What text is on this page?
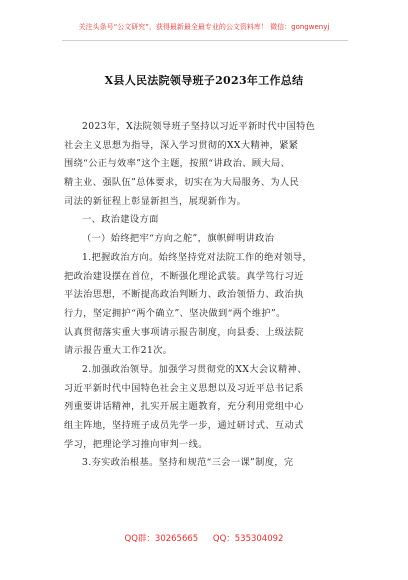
关注头条号“公文研究”，获得最新最全最专业的公文资料库！ 微信：gongwenyj
X县人民法院领导班子2023年工作总结
2023年，X法院领导班子坚持以习近平新时代中国特色
社会主义思想为指导，深入学习贯彻的XX大精神，紧紧
围绕“公正与效率”这个主题，按照“讲政治、顾大局、
精主业、强队伍”总体要求，切实在为大局服务、为人民
司法的新征程上彰显新担当，展现新作为。
一、政治建设方面
（一）始终把牢“方向之舵”，旗帜鲜明讲政治
1.把握政治方向。始终坚持党对法院工作的绝对领导，
把政治建设摆在首位，不断强化理论武装。真学笃行习近
平法治思想，不断提高政治判断力、政治领悟力、政治执
行力，坚定拥护“两个确立”、坚决做到“两个维护”。
认真贯彻落实重大事项请示报告制度，向县委、上级法院
请示报告重大工作21次。
2.加强政治领导。加强学习贯彻党的XX大会议精神、
习近平新时代中国特色社会主义思想以及习近平总书记系
列重要讲话精神，扎实开展主题教育，充分利用党组中心
组主阵地，坚持班子成员先学一步，通过研讨式、互动式
学习，把理论学习推向审判一线。
3.夯实政治根基。坚持和规范“三会一课”制度，完
QQ群：30265665 QQ：535304092
